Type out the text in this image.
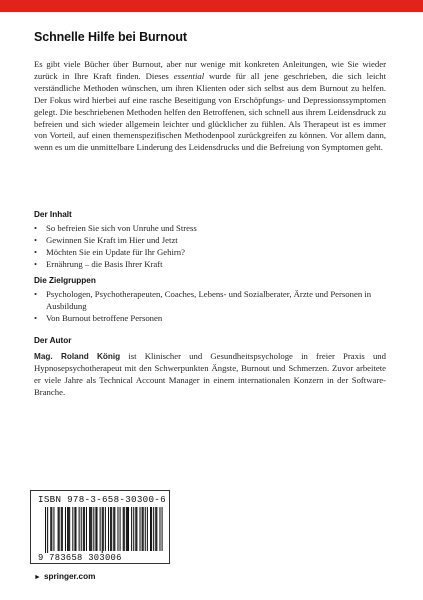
Schnelle Hilfe bei Burnout

Es gibt viele Bücher über Burnout, aber nur wenige mit konkreten Anleitungen, wie Sie wieder zurück in Ihre Kraft finden. Dieses essential wurde für all jene geschrieben, die sich leicht verständliche Methoden wünschen, um ihren Klienten oder sich selbst aus dem Burnout zu helfen. Der Fokus wird hierbei auf eine rasche Beseitigung von Erschöpfungs- und Depressionssymptomen gelegt. Die beschriebenen Methoden helfen den Betroffenen, sich schnell aus ihrem Leidensdruck zu befreien und sich wieder allgemein leichter und glücklicher zu fühlen. Als Therapeut ist es immer von Vorteil, auf einen themenspezifischen Methodenpool zurückgreifen zu können. Vor allem dann, wenn es um die unmittelbare Linderung des Leidensdrucks und die Befreiung von Symptomen geht.

Der Inhalt
• So befreien Sie sich von Unruhe und Stress
• Gewinnen Sie Kraft im Hier und Jetzt
• Möchten Sie ein Update für Ihr Gehirn?
• Ernährung – die Basis Ihrer Kraft
Die Zielgruppen
• Psychologen, Psychotherapeuten, Coaches, Lebens- und Sozialberater, Ärzte und Personen in Ausbildung
• Von Burnout betroffene Personen
Der Autor

Mag. Roland König ist Klinischer und Gesundheitspsychologe in freier Praxis und Hypnosepsychotherapeut mit den Schwerpunkten Ängste, Burnout und Schmerzen. Zuvor arbeitete er viele Jahre als Technical Account Manager in einem internationalen Konzern in der Software-Branche.

ISBN 978-3-658-30300-6
9 783658 303006
► springer.com
